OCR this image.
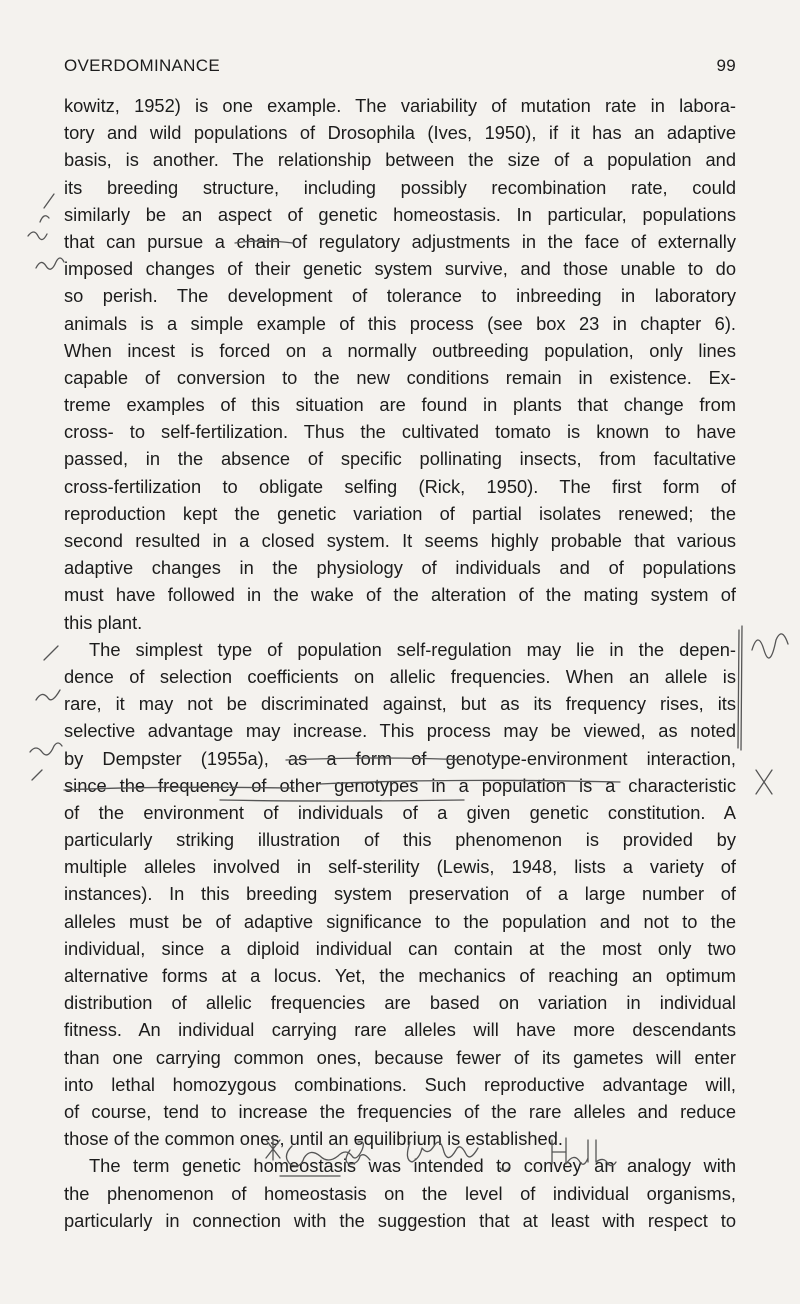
OVERDOMINANCE	99
kowitz, 1952) is one example. The variability of mutation rate in labora-
tory and wild populations of Drosophila (Ives, 1950), if it has an adaptive
basis, is another. The relationship between the size of a population and
its breeding structure, including possibly recombination rate, could
similarly be an aspect of genetic homeostasis. In particular, populations
that can pursue a chain of regulatory adjustments in the face of externally
imposed changes of their genetic system survive, and those unable to do
so perish. The development of tolerance to inbreeding in laboratory
animals is a simple example of this process (see box 23 in chapter 6).
When incest is forced on a normally outbreeding population, only lines
capable of conversion to the new conditions remain in existence. Ex-
treme examples of this situation are found in plants that change from
cross- to self-fertilization. Thus the cultivated tomato is known to have
passed, in the absence of specific pollinating insects, from facultative
cross-fertilization to obligate selfing (Rick, 1950). The first form of
reproduction kept the genetic variation of partial isolates renewed; the
second resulted in a closed system. It seems highly probable that various
adaptive changes in the physiology of individuals and of populations
must have followed in the wake of the alteration of the mating system of
this plant.
The simplest type of population self-regulation may lie in the depen-
dence of selection coefficients on allelic frequencies. When an allele is
rare, it may not be discriminated against, but as its frequency rises, its
selective advantage may increase. This process may be viewed, as noted
by Dempster (1955a), as a form of genotype-environment interaction,
since the frequency of other genotypes in a population is a characteristic
of the environment of individuals of a given genetic constitution. A
particularly striking illustration of this phenomenon is provided by
multiple alleles involved in self-sterility (Lewis, 1948, lists a variety of
instances). In this breeding system preservation of a large number of
alleles must be of adaptive significance to the population and not to the
individual, since a diploid individual can contain at the most only two
alternative forms at a locus. Yet, the mechanics of reaching an optimum
distribution of allelic frequencies are based on variation in individual
fitness. An individual carrying rare alleles will have more descendants
than one carrying common ones, because fewer of its gametes will enter
into lethal homozygous combinations. Such reproductive advantage will,
of course, tend to increase the frequencies of the rare alleles and reduce
those of the common ones, until an equilibrium is established.
The term genetic homeostasis was intended to convey an analogy with
the phenomenon of homeostasis on the level of individual organisms,
particularly in connection with the suggestion that at least with respect to
